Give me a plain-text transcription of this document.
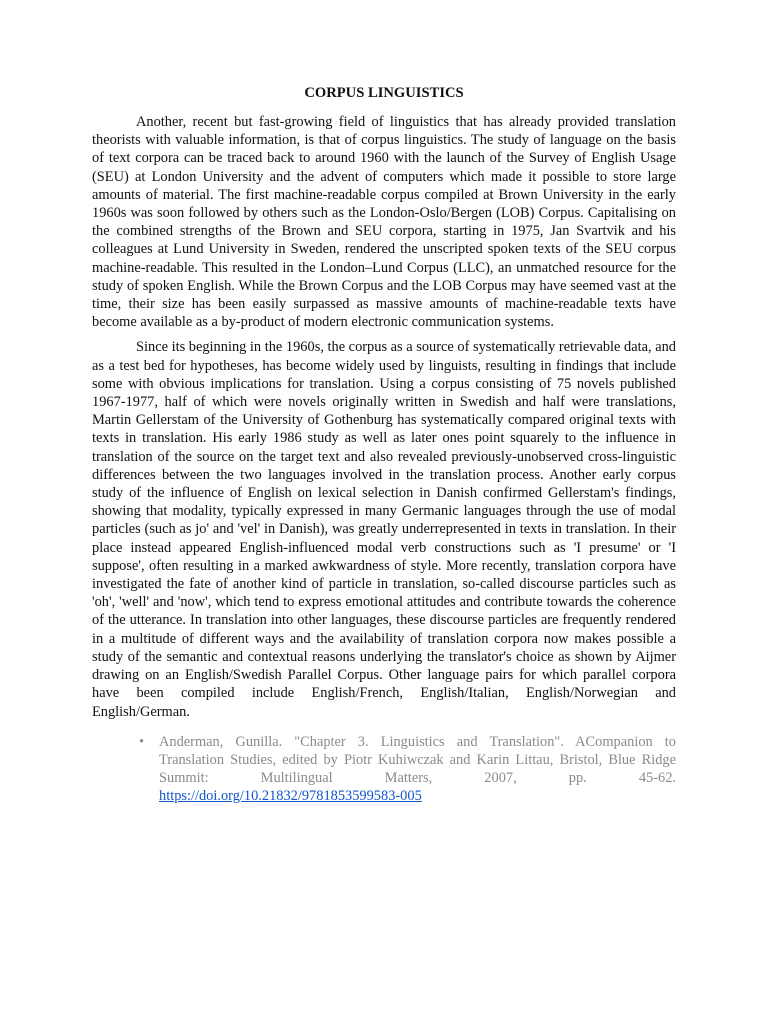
CORPUS LINGUISTICS

Another, recent but fast-growing field of linguistics that has already provided translation theorists with valuable information, is that of corpus linguistics. The study of language on the basis of text corpora can be traced back to around 1960 with the launch of the Survey of English Usage (SEU) at London University and the advent of computers which made it possible to store large amounts of material. The first machine-readable corpus compiled at Brown University in the early 1960s was soon followed by others such as the London-Oslo/Bergen (LOB) Corpus. Capitalising on the combined strengths of the Brown and SEU corpora, starting in 1975, Jan Svartvik and his colleagues at Lund University in Sweden, rendered the unscripted spoken texts of the SEU corpus machine-readable. This resulted in the London–Lund Corpus (LLC), an unmatched resource for the study of spoken English. While the Brown Corpus and the LOB Corpus may have seemed vast at the time, their size has been easily surpassed as massive amounts of machine-readable texts have become available as a by-product of modern electronic communication systems.

Since its beginning in the 1960s, the corpus as a source of systematically retrievable data, and as a test bed for hypotheses, has become widely used by linguists, resulting in findings that include some with obvious implications for translation. Using a corpus consisting of 75 novels published 1967-1977, half of which were novels originally written in Swedish and half were translations, Martin Gellerstam of the University of Gothenburg has systematically compared original texts with texts in translation. His early 1986 study as well as later ones point squarely to the influence in translation of the source on the target text and also revealed previously-unobserved cross-linguistic differences between the two languages involved in the translation process. Another early corpus study of the influence of English on lexical selection in Danish confirmed Gellerstam's findings, showing that modality, typically expressed in many Germanic languages through the use of modal particles (such as jo' and 'vel' in Danish), was greatly underrepresented in texts in translation. In their place instead appeared English-influenced modal verb constructions such as 'I presume' or 'I suppose', often resulting in a marked awkwardness of style. More recently, translation corpora have investigated the fate of another kind of particle in translation, so-called discourse particles such as 'oh', 'well' and 'now', which tend to express emotional attitudes and contribute towards the coherence of the utterance. In translation into other languages, these discourse particles are frequently rendered in a multitude of different ways and the availability of translation corpora now makes possible a study of the semantic and contextual reasons underlying the translator's choice as shown by Aijmer drawing on an English/Swedish Parallel Corpus. Other language pairs for which parallel corpora have been compiled include English/French, English/Italian, English/Norwegian and English/German.

• Anderman, Gunilla. "Chapter 3. Linguistics and Translation". ACompanion to Translation Studies, edited by Piotr Kuhiwczak and Karin Littau, Bristol, Blue Ridge Summit: Multilingual Matters, 2007, pp. 45-62. https://doi.org/10.21832/9781853599583-005
